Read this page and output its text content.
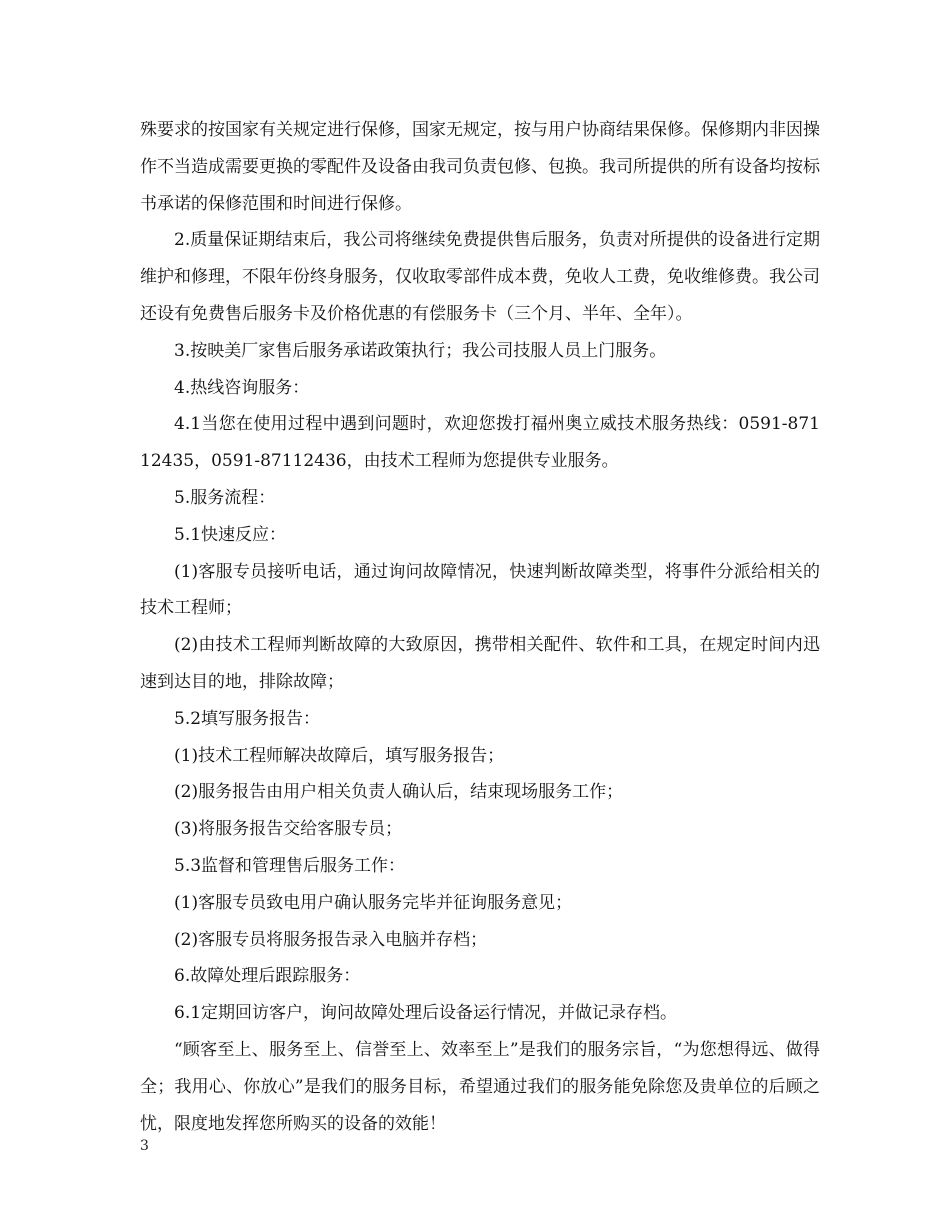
殊要求的按国家有关规定进行保修，国家无规定，按与用户协商结果保修。保修期内非因操作不当造成需要更换的零配件及设备由我司负责包修、包换。我司所提供的所有设备均按标书承诺的保修范围和时间进行保修。

2.质量保证期结束后，我公司将继续免费提供售后服务，负责对所提供的设备进行定期维护和修理，不限年份终身服务，仅收取零部件成本费，免收人工费，免收维修费。我公司还设有免费售后服务卡及价格优惠的有偿服务卡（三个月、半年、全年）。

3.按映美厂家售后服务承诺政策执行；我公司技服人员上门服务。

4.热线咨询服务：

4.1当您在使用过程中遇到问题时，欢迎您拨打福州奥立威技术服务热线：0591-87112435，0591-87112436，由技术工程师为您提供专业服务。

5.服务流程：

5.1快速反应：

(1)客服专员接听电话，通过询问故障情况，快速判断故障类型，将事件分派给相关的技术工程师；

(2)由技术工程师判断故障的大致原因，携带相关配件、软件和工具，在规定时间内迅速到达目的地，排除故障；

5.2填写服务报告：

(1)技术工程师解决故障后，填写服务报告；

(2)服务报告由用户相关负责人确认后，结束现场服务工作；

(3)将服务报告交给客服专员；

5.3监督和管理售后服务工作：

(1)客服专员致电用户确认服务完毕并征询服务意见；

(2)客服专员将服务报告录入电脑并存档；

6.故障处理后跟踪服务：

6.1定期回访客户，询问故障处理后设备运行情况，并做记录存档。

“顾客至上、服务至上、信誉至上、效率至上”是我们的服务宗旨，“为您想得远、做得全；我用心、你放心”是我们的服务目标，希望通过我们的服务能免除您及贵单位的后顾之忧，限度地发挥您所购买的设备的效能！

3
